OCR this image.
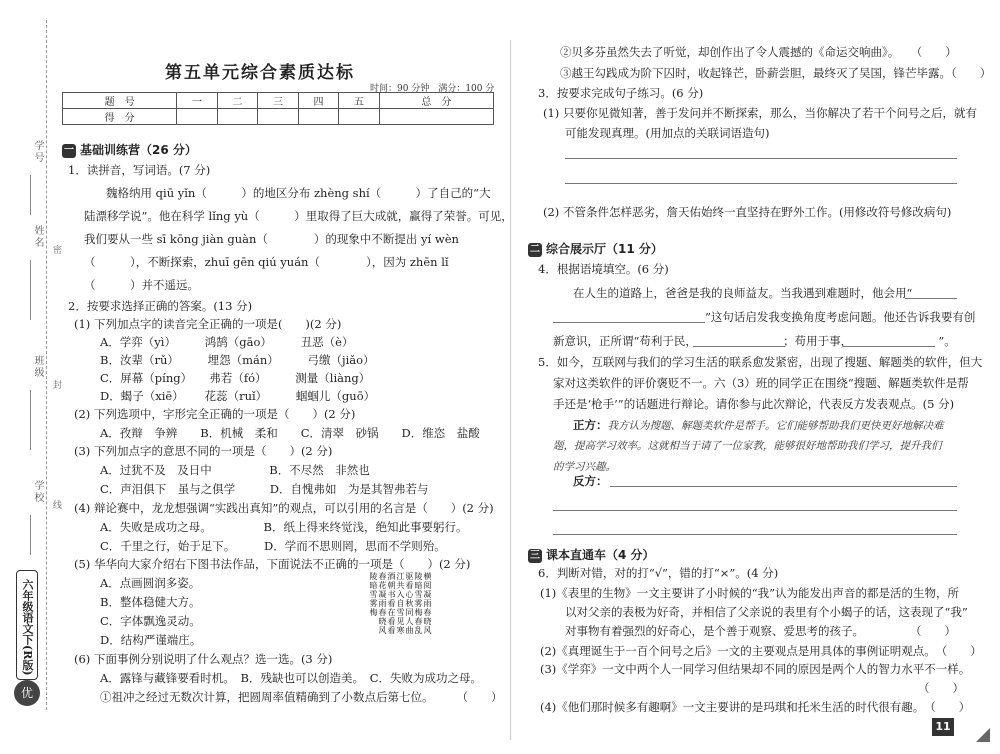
学号
姓名
班级
学校
密
封
线
六年级语文下(R版)
优
第五单元综合素质达标
时间：90 分钟　满分：100 分
题　号	一	二	三	四	五	总　分
得　分						
一 基础训练营（26 分）
1．读拼音，写词语。(7 分)
魏格纳用 qiū yǐn（　　　）的地区分布 zhèng shí（　　　）了自己的“大
陆漂移学说”。他在科学 lǐng yù（　　　）里取得了巨大成就，赢得了荣誉。可见，
我们要从一些 sī kōng jiàn guàn（　　　　）的现象中不断提出 yí wèn
（　　　），不断探索，zhuī gēn qiú yuán（　　　　），因为 zhēn lǐ
（　　　）并不遥远。
2．按要求选择正确的答案。(13 分)
(1) 下列加点字的读音完全正确的一项是(　　)(2 分)
A．学弈（yì）　　　鸿鹄（gāo）　　　丑恶（è）
B．汝辈（rǔ）　　　埋怨（mán）　　　弓缴（jiǎo）
C．屏幕（píng）　　弗若（fó）　　　测量（liàng）
D．蝎子（xiē）　　 花蕊（ruǐ）　　　蝈蝈儿（guō）
(2) 下列选项中，字形完全正确的一项是（　　）(2 分)
A．孜辩　争辨　　B．机械　柔和　　C．清翠　砂锅　　D．维恣　盐酸
(3) 下列加点字的意思不同的一项是（　　）(2 分)
A．过犹不及　及日中　　　　　B．不尽然　非然也
C．声泪俱下　虽与之俱学　　　D．自愧弗如　为是其智弗若与
(4) 辩论赛中，龙龙想强调“实践出真知”的观点，可以引用的名言是（　　）(2 分)
A．失败是成功之母。　　　　　B．纸上得来终觉浅，绝知此事要躬行。
C．千里之行，始于足下。　　　D．学而不思则罔，思而不学则殆。
(5) 华华向大家介绍右下图书法作品，下面说法不正确的一项是（　　）(2 分)
A．点画圆润多姿。
B．整体稳健大方。
C．字体飘逸灵动。
D．结构严谨端庄。
横阅凝雨春晓风陵暗雪雾梅春乱驱看心秋同人曲江共入自雪见寒酒朝书看在看看春花凝雨春晓风陵暗雪雾梅
(6) 下面事例分别说明了什么观点？选一选。(3 分)
A．露锋与藏锋要看时机。　B．残缺也可以创造美。　C．失败为成功之母。
①祖冲之经过无数次计算，把圆周率值精确到了小数点后第七位。　　　（　　）
②贝多芬虽然失去了听觉，却创作出了令人震撼的《命运交响曲》。　　（　　）
③越王勾践成为阶下囚时，收起锋芒，卧薪尝胆，最终灭了吴国，锋芒毕露。（　　）
3．按要求完成句子练习。(6 分)
(1) 只要你见微知著，善于发问并不断探索，那么，当你解决了若干个问号之后，就有
可能发现真理。(用加点的关联词语造句)
(2) 不管条件怎样恶劣，詹天佑始终一直坚持在野外工作。(用修改符号修改病句)
二 综合展示厅（11 分）
4．根据语境填空。(6 分)
在人生的道路上，爸爸是我的良师益友。当我遇到难题时，他会用“
”这句话启发我变换角度考虑问题。他还告诉我要有创
新意识，正所谓“苟利于民，　　　　　　　　；苟用于事，　　　　　　　　”。
5．如今，互联网与我们的学习生活的联系愈发紧密，出现了搜题、解题类的软件，但大
家对这类软件的评价褒贬不一。六（3）班的同学正在围绕“搜题、解题类软件是帮
手还是‘枪手’”的话题进行辩论。请你参与此次辩论，代表反方发表观点。(5 分)
正方：我方认为搜题、解题类软件是帮手。它们能够帮助我们更快更好地解决难
题，提高学习效率。这就相当于请了一位家教，能够很好地帮助我们学习，提升我们
的学习兴趣。
反方：
三 课本直通车（4 分）
6．判断对错，对的打“√”，错的打“×”。(4 分)
(1)《表里的生物》一文主要讲了小时候的“我”认为能发出声音的都是活的生物，所
以对父亲的表极为好奇，并相信了父亲说的表里有个小蝎子的话，这表现了“我”
对事物有着强烈的好奇心，是个善于观察、爱思考的孩子。　　　　　（　　）
(2)《真理诞生于一百个问号之后》一文的主要观点是用具体的事例证明观点。　（　　）
(3)《学弈》一文中两个人一同学习但结果却不同的原因是两个人的智力水平不一样。
（　　）
(4)《他们那时候多有趣啊》一文主要讲的是玛琪和托米生活的时代很有趣。　（　　）
11
